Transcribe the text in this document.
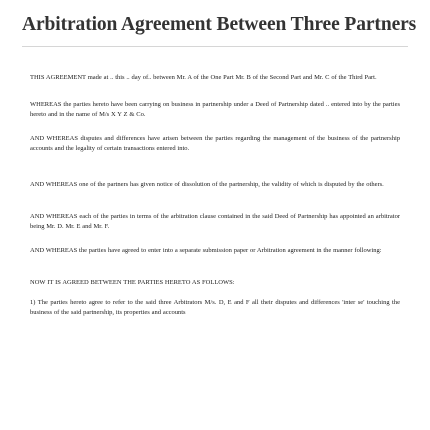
Arbitration Agreement Between Three Partners

THIS AGREEMENT made at .. this .. day of.. between Mr. A of the One Part Mr. B of the Second Part and Mr. C of the Third Part.

WHEREAS the parties hereto have been carrying on business in partnership under a Deed of Partnership dated .. entered into by the parties hereto and in the name of M/s X Y Z & Co.

AND WHEREAS disputes and differences have arisen between the parties regarding the management of the business of the partnership accounts and the legality of certain transactions entered into.

AND WHEREAS one of the partners has given notice of dissolution of the partnership, the validity of which is disputed by the others.

AND WHEREAS each of the parties in terms of the arbitration clause contained in the said Deed of Partnership has appointed an arbitrator being Mr. D. Mr. E and Mr. F.

AND WHEREAS the parties have agreed to enter into a separate submission paper or Arbitration agreement in the manner following:

NOW IT IS AGREED BETWEEN THE PARTIES HERETO AS FOLLOWS:

1) The parties hereto agree to refer to the said three Arbitrators M/s. D, E and F all their disputes and differences 'inter se' touching the business of the said partnership, its properties and accounts
